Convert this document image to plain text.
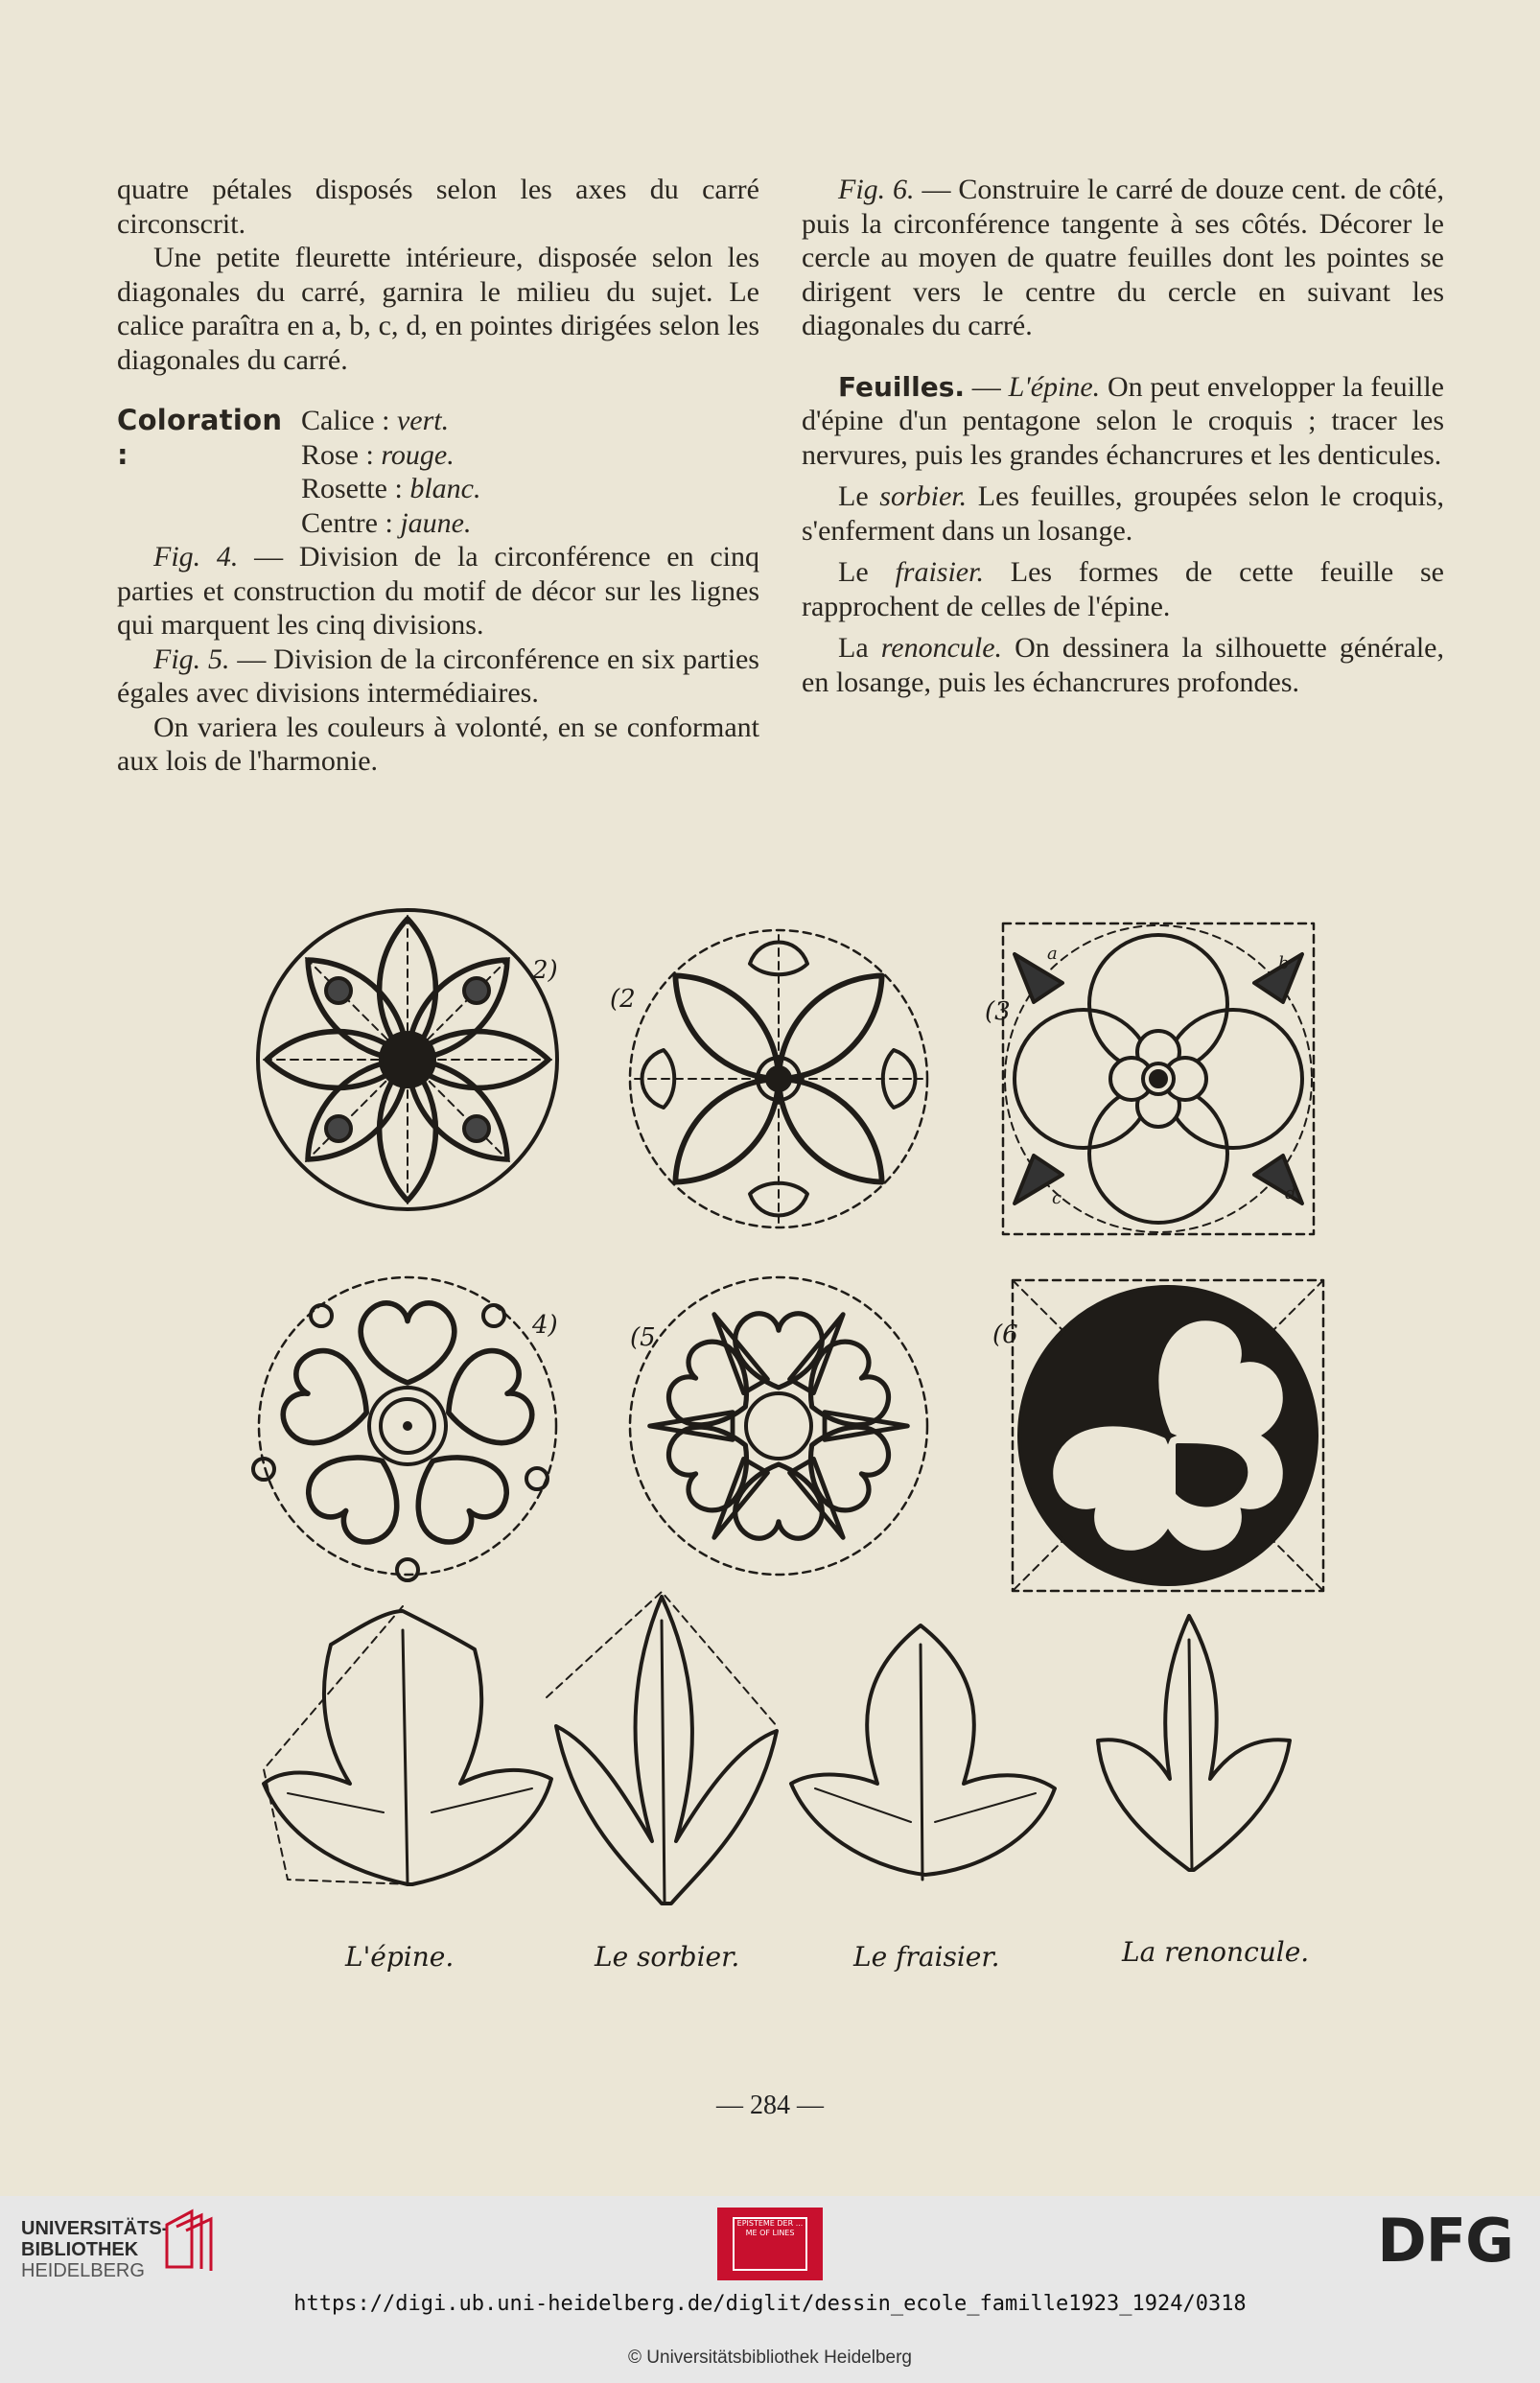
quatre pétales disposés selon les axes du carré circonscrit.

Une petite fleurette intérieure, disposée selon les diagonales du carré, garnira le milieu du sujet. Le calice paraîtra en a, b, c, d, en pointes dirigées selon les diagonales du carré.

Coloration :
Calice : vert.
Rose : rouge.
Rosette : blanc.
Centre : jaune.

Fig. 4. — Division de la circonférence en cinq parties et construction du motif de décor sur les lignes qui marquent les cinq divisions.

Fig. 5. — Division de la circonférence en six parties égales avec divisions intermédiaires.

On variera les couleurs à volonté, en se conformant aux lois de l'harmonie.

Fig. 6. — Construire le carré de douze cent. de côté, puis la circonférence tangente à ses côtés. Décorer le cercle au moyen de quatre feuilles dont les pointes se dirigent vers le centre du cercle en suivant les diagonales du carré.

Feuilles. — L'épine. On peut envelopper la feuille d'épine d'un pentagone selon le croquis ; tracer les nervures, puis les grandes échancrures et les denticules.

Le sorbier. Les feuilles, groupées selon le croquis, s'enferment dans un losange.

Le fraisier. Les formes de cette feuille se rapprochent de celles de l'épine.

La renoncule. On dessinera la silhouette générale, en losange, puis les échancrures profondes.

2)
(2	(3
4)	(5	(6
a	b
c	d
L'épine.	Le sorbier.	Le fraisier.	La renoncule.
— 284 —
UNIVERSITÄTS-
BIBLIOTHEK
HEIDELBERG
EPISTEME DER ... ME OF LINES	DFG
https://digi.ub.uni-heidelberg.de/diglit/dessin_ecole_famille1923_1924/0318
© Universitätsbibliothek Heidelberg
